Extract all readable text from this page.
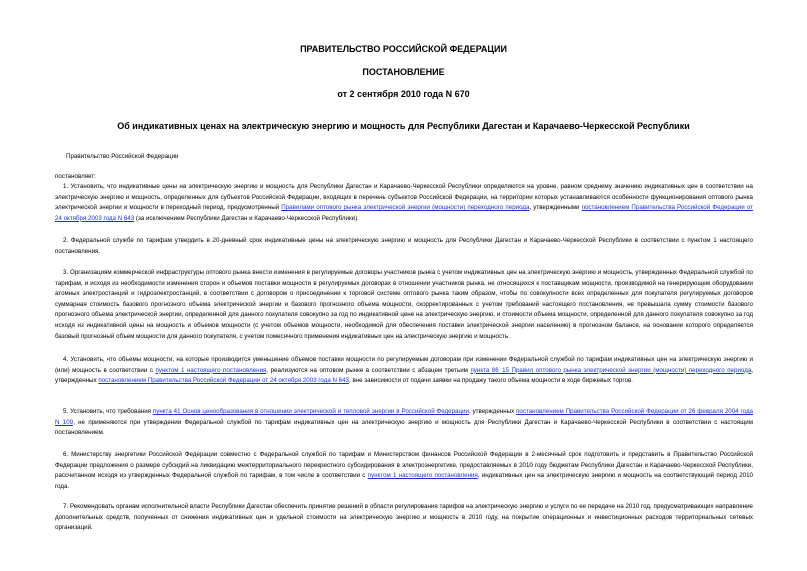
ПРАВИТЕЛЬСТВО РОССИЙСКОЙ ФЕДЕРАЦИИ
ПОСТАНОВЛЕНИЕ
от 2 сентября 2010 года N 670
Об индикативных ценах на электрическую энергию и мощность для Республики Дагестан и Карачаево-Черкесской Республики
Правительство Российской Федерации
постановляет:

1. Установить, что индикативные цены на электрическую энергию и мощность для Республики Дагестан и Карачаево-Черкесской Республики определяются на уровне, равном среднему значению индикативных цен в соответствии на электрическую энергию и мощность, определенных для субъектов Российской Федерации, входящих в перечень субъектов Российской Федерации, на территории которых устанавливаются особенности функционирования оптового рынка электрической энергии и мощности в переходный период, предусмотренный Правилами оптового рынка электрической энергии (мощности) переходного периода, утвержденными постановлением Правительства Российской Федерации от 24 октября 2003 года N 643 (за исключением Республики Дагестан и Карачаево-Черкесской Республики).

2. Федеральной службе по тарифам утвердить в 20-дневный срок индикативные цены на электрическую энергию и мощность для Республики Дагестан и Карачаево-Черкесской Республики в соответствии с пунктом 1 настоящего постановления.

3. Организациям коммерческой инфраструктуры оптового рынка внести изменения в регулируемые договоры участников рынка с учетом индикативных цен на электрическую энергию и мощность, утвержденных Федеральной службой по тарифам, и исходя из необходимости изменения сторон и объемов поставки мощности в регулируемых договорах в отношении участников рынка, не относящихся к поставщикам мощности, производимой на генерирующем оборудовании атомных электростанций и гидроэлектростанций, в соответствии с договором о присоединении к торговой системе оптового рынка таким образом, чтобы по совокупности всех определенных для покупателя регулируемых договоров суммарная стоимость базового прогнозного объема электрической энергии и базового прогнозного объема мощности, скорректированных с учетом требований настоящего постановления, не превышала сумму стоимости базового прогнозного объема электрической энергии, определенной для данного покупателя совокупно за год по индикативной цене на электрическую энергию, и стоимости объема мощности, определенной для данного покупателя совокупно за год исходя из индикативной цены на мощность и объемов мощности (с учетом объемов мощности, необходимой для обеспечения поставки электрической энергии населению) в прогнозном балансе, на основании которого определяется базовый прогнозный объем мощности для данного покупателя, с учетом помесячного применения индикативных цен на электрическую энергию и мощность.

4. Установить, что объемы мощности, на которые производится уменьшение объемов поставки мощности по регулируемым договорам при изменении Федеральной службой по тарифам индикативных цен на электрическую энергию и (или) мощность в соответствии с пунктом 1 настоящего постановления, реализуются на оптовом рынке в соответствии с абзацем третьим пункта 86_15 Правил оптового рынка электрической энергии (мощности) переходного периода, утвержденных постановлением Правительства Российской Федерации от 24 октября 2003 года N 643, вне зависимости от подачи заявки на продажу такого объема мощности в ходе биржевых торгов.

5. Установить, что требования пункта 41 Основ ценообразования в отношении электрической и тепловой энергии в Российской Федерации, утвержденных постановлением Правительства Российской Федерации от 26 февраля 2004 года N 109, не применяются при утверждении Федеральной службой по тарифам индикативных цен на электрическую энергию и мощность для Республики Дагестан и Карачаево-Черкесской Республики в соответствии с настоящим постановлением.

6. Министерству энергетики Российской Федерации совместно с Федеральной службой по тарифам и Министерством финансов Российской Федерации в 2-месячный срок подготовить и представить в Правительство Российской Федерации предложения о размере субсидий на ликвидацию межтерриториального перекрестного субсидирования в электроэнергетике, предоставляемых в 2010 году бюджетам Республики Дагестан и Карачаево-Черкесской Республики, рассчитанном исходя из утвержденных Федеральной службой по тарифам, в том числе в соответствии с пунктом 1 настоящего постановления, индикативных цен на электрическую энергию и мощность на соответствующий период 2010 года.

7. Рекомендовать органам исполнительной власти Республики Дагестан обеспечить принятие решений в области регулирования тарифов на электрическую энергию и услуги по ее передаче на 2010 год, предусматривающих направление дополнительных средств, полученных от снижения индикативных цен и удельной стоимости на электрическую энергию и мощность в 2010 году, на покрытие операционных и инвестиционных расходов территориальных сетевых организаций.
